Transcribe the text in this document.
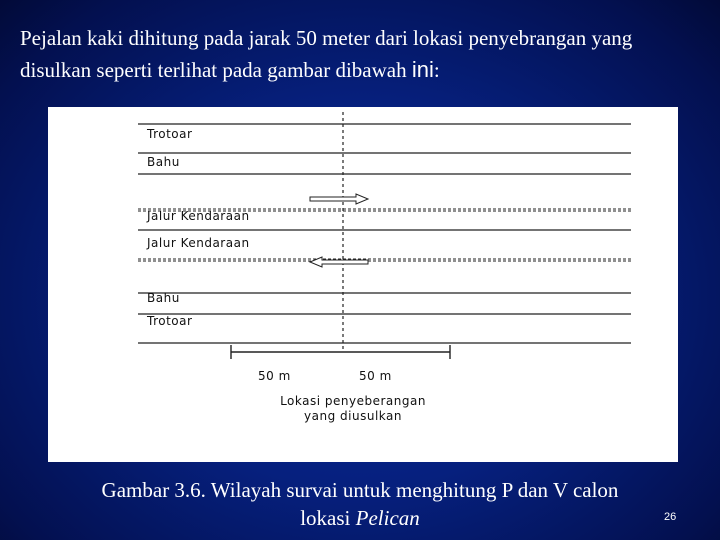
Pejalan kaki dihitung pada jarak 50 meter dari lokasi penyebrangan yang disulkan seperti terlihat pada gambar dibawah ini:
Trotoar
Bahu
Jalur Kendaraan
Jalur Kendaraan
Bahu
Trotoar
50 m	50 m
Lokasi penyeberangan
yang diusulkan
Gambar 3.6. Wilayah survai untuk menghitung P dan V calon
lokasi Pelican	26
